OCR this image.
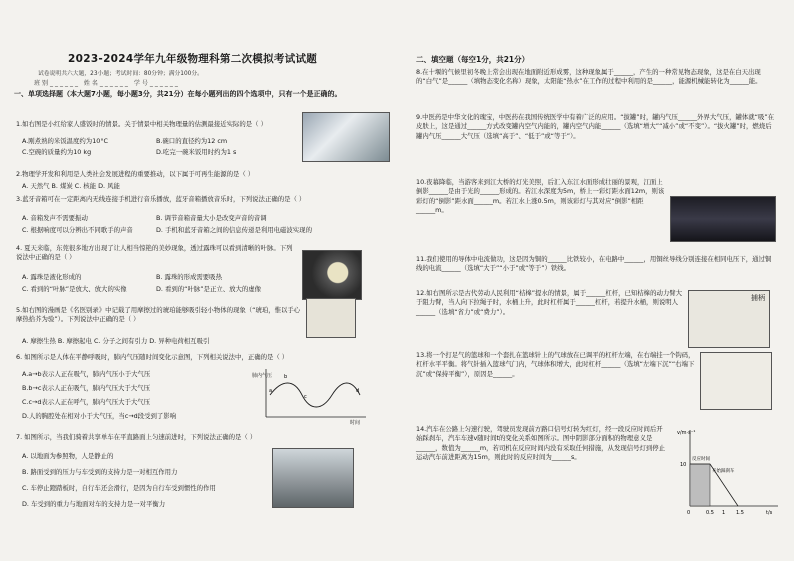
2023-2024学年九年级物理科第二次模拟考试试题
试卷说明共六大题，23小题；考试时间：80分钟；满分100分。
班别______ 姓名______ 学号______
一、单项选择题（本大题7小题，每小题3分，共21分）在每小题列出的四个选项中，只有一个是正确的。
1.如右图是小红给家人盛饭时的情景。关于情景中相关物理量的估测最接近实际的是（ ）
A.刚煮熟的米饭温度约为10°C	B.碗口的直径约为12 cm
C.空碗的质量约为10 kg	D.吃完一碗米饭用时约为1 s
2.物理学开发和利用是人类社会发展进程的重要推动，以下属于可再生能源的是（ ）
A. 天然气 B. 煤炭 C. 核能 D. 风能
3.蓝牙音箱可在一定距离内无线连接手机进行音乐播放，蓝牙音箱播放音乐时，下列说法正确的是（ ）
A. 音箱发声不需要振动	B. 调节音箱音量大小是改变声音的音调
C. 根据响度可以分辨出不同歌手的声音	D. 手机和蓝牙音箱之间的信息传递是利用电磁波实现的
4. 夏天来临，东莞很多地方出现了让人相当惊艳的美妙现象，透过露珠可以看到清晰的叶脉。下列说法中正确的是（ ）
A. 露珠是液化形成的	B. 露珠的形成需要吸热
C. 看到的“叶脉”是放大、放大的实像	D. 看到的“叶脉”是正立、放大的虚像
5.如右图的漫画是《名医别录》中记载了用摩擦过的琥珀能够吸引轻小物体的现象（“琥珀，惟以手心摩热拾芥为验”）。下列说法中正确的是（ ）
A. 摩擦生热 B. 摩擦起电 C. 分子之间有引力 D. 异种电荷相互吸引
6. 如图所示是人体在平静呼吸时，肺内气压随时间变化示意图，下列相关说法中，正确的是（ ）
A.a→b表示人正在吸气，肺内气压小于大气压
B.b→c表示人正在吸气，肺内气压大于大气压
C.c→d表示人正在呼气，肺内气压大于大气压
D.人的胸腔处在相对小于大气压，当c→d段受到了影响
肺内气压
时间
a
b
c
d
7. 如图所示，当我们骑着共享单车在平直路面上匀速前进时，下列说法正确的是（ ）
A. 以地面为参照物，人是静止的
B. 路面受到的压力与车受到的支持力是一对相互作用力
C. 车停止蹬踏板时，自行车还会滑行，是因为自行车受到惯性的作用
D. 车受到的重力与地面对车的支持力是一对平衡力
二、填空题（每空1分，共21分）
8.在十堰的气候里初冬晚上常会出现在地面附近形成雾，这种现象属于______，产生的一种常见物态现象，这是在白天出现的“白气”是______（填物态变化名称）现象，太阳能“热水”在工作的过程中利用的是______，能源机械能转化为______能。
9.中医药是中华文化的瑰宝，中医药在我国传统医学中有着广泛的应用。“拔罐”时，罐内气压______外界大气压，罐体就“吸”在皮肤上，这是通过______方式改变罐内空气内能的，罐内空气内能______（选填“增大”“减小”或“不变”）。“拔火罐”时，燃烧后罐内气压______大气压（选填“高于”、“低于”或“等于”）。
10.夜幕降临，当游客来到江大桥的灯光美照，后汇入东江水面形成壮丽的景观，江面上倒影______是由于光的______形成的。若江水深度为5m，桥上一彩灯距水面12m，则该彩灯的“倒影”距水面______m。若江水上涨0.5m，则该彩灯与其对应“倒影”相距______m。
11.我们使用的导体中电流做功，这是因为铜的______比铁较小，在电路中______，用铜丝导线分别连接在相同电压下，通过铜线的电流______（选填“大于”“小于”或“等于”）铁线。
12.如右图所示是古代劳动人民利用“桔槔”提水的情景，属于______杠杆，已知桔槔的动力臂大于阻力臂，当人向下拉绳子时，水桶上升，此时杠杆属于______杠杆，若提升水桶，则说明人______（选填“省力”或“费力”）。
捕柄
13.将一个打足气的篮球和一个套扎在篮球针上的气球放在已调平的杠杆左端，在右端挂一个钩码，杠杆水平平衡。将气针插入篮球气门内，气球体积增大，此时杠杆______（选填“左端下沉”“右端下沉”或“保持平衡”），原因是______。
14.汽车在公路上匀速行驶，驾驶员发现前方路口信号灯转为红灯，经一段反应时间后开始踩刹车，汽车车速v随时间t的变化关系如图所示。图中阴影部分面积的物理意义是______，数值为______m，若司机在反应时间内没有采取任何措施，从发现信号灯到停止运动汽车前进距离为15m，则此时的反应时间为______s。
v/m·s⁻¹
t/s
10
反应时间
开始踩刹车
0	0.5 1 1.5
